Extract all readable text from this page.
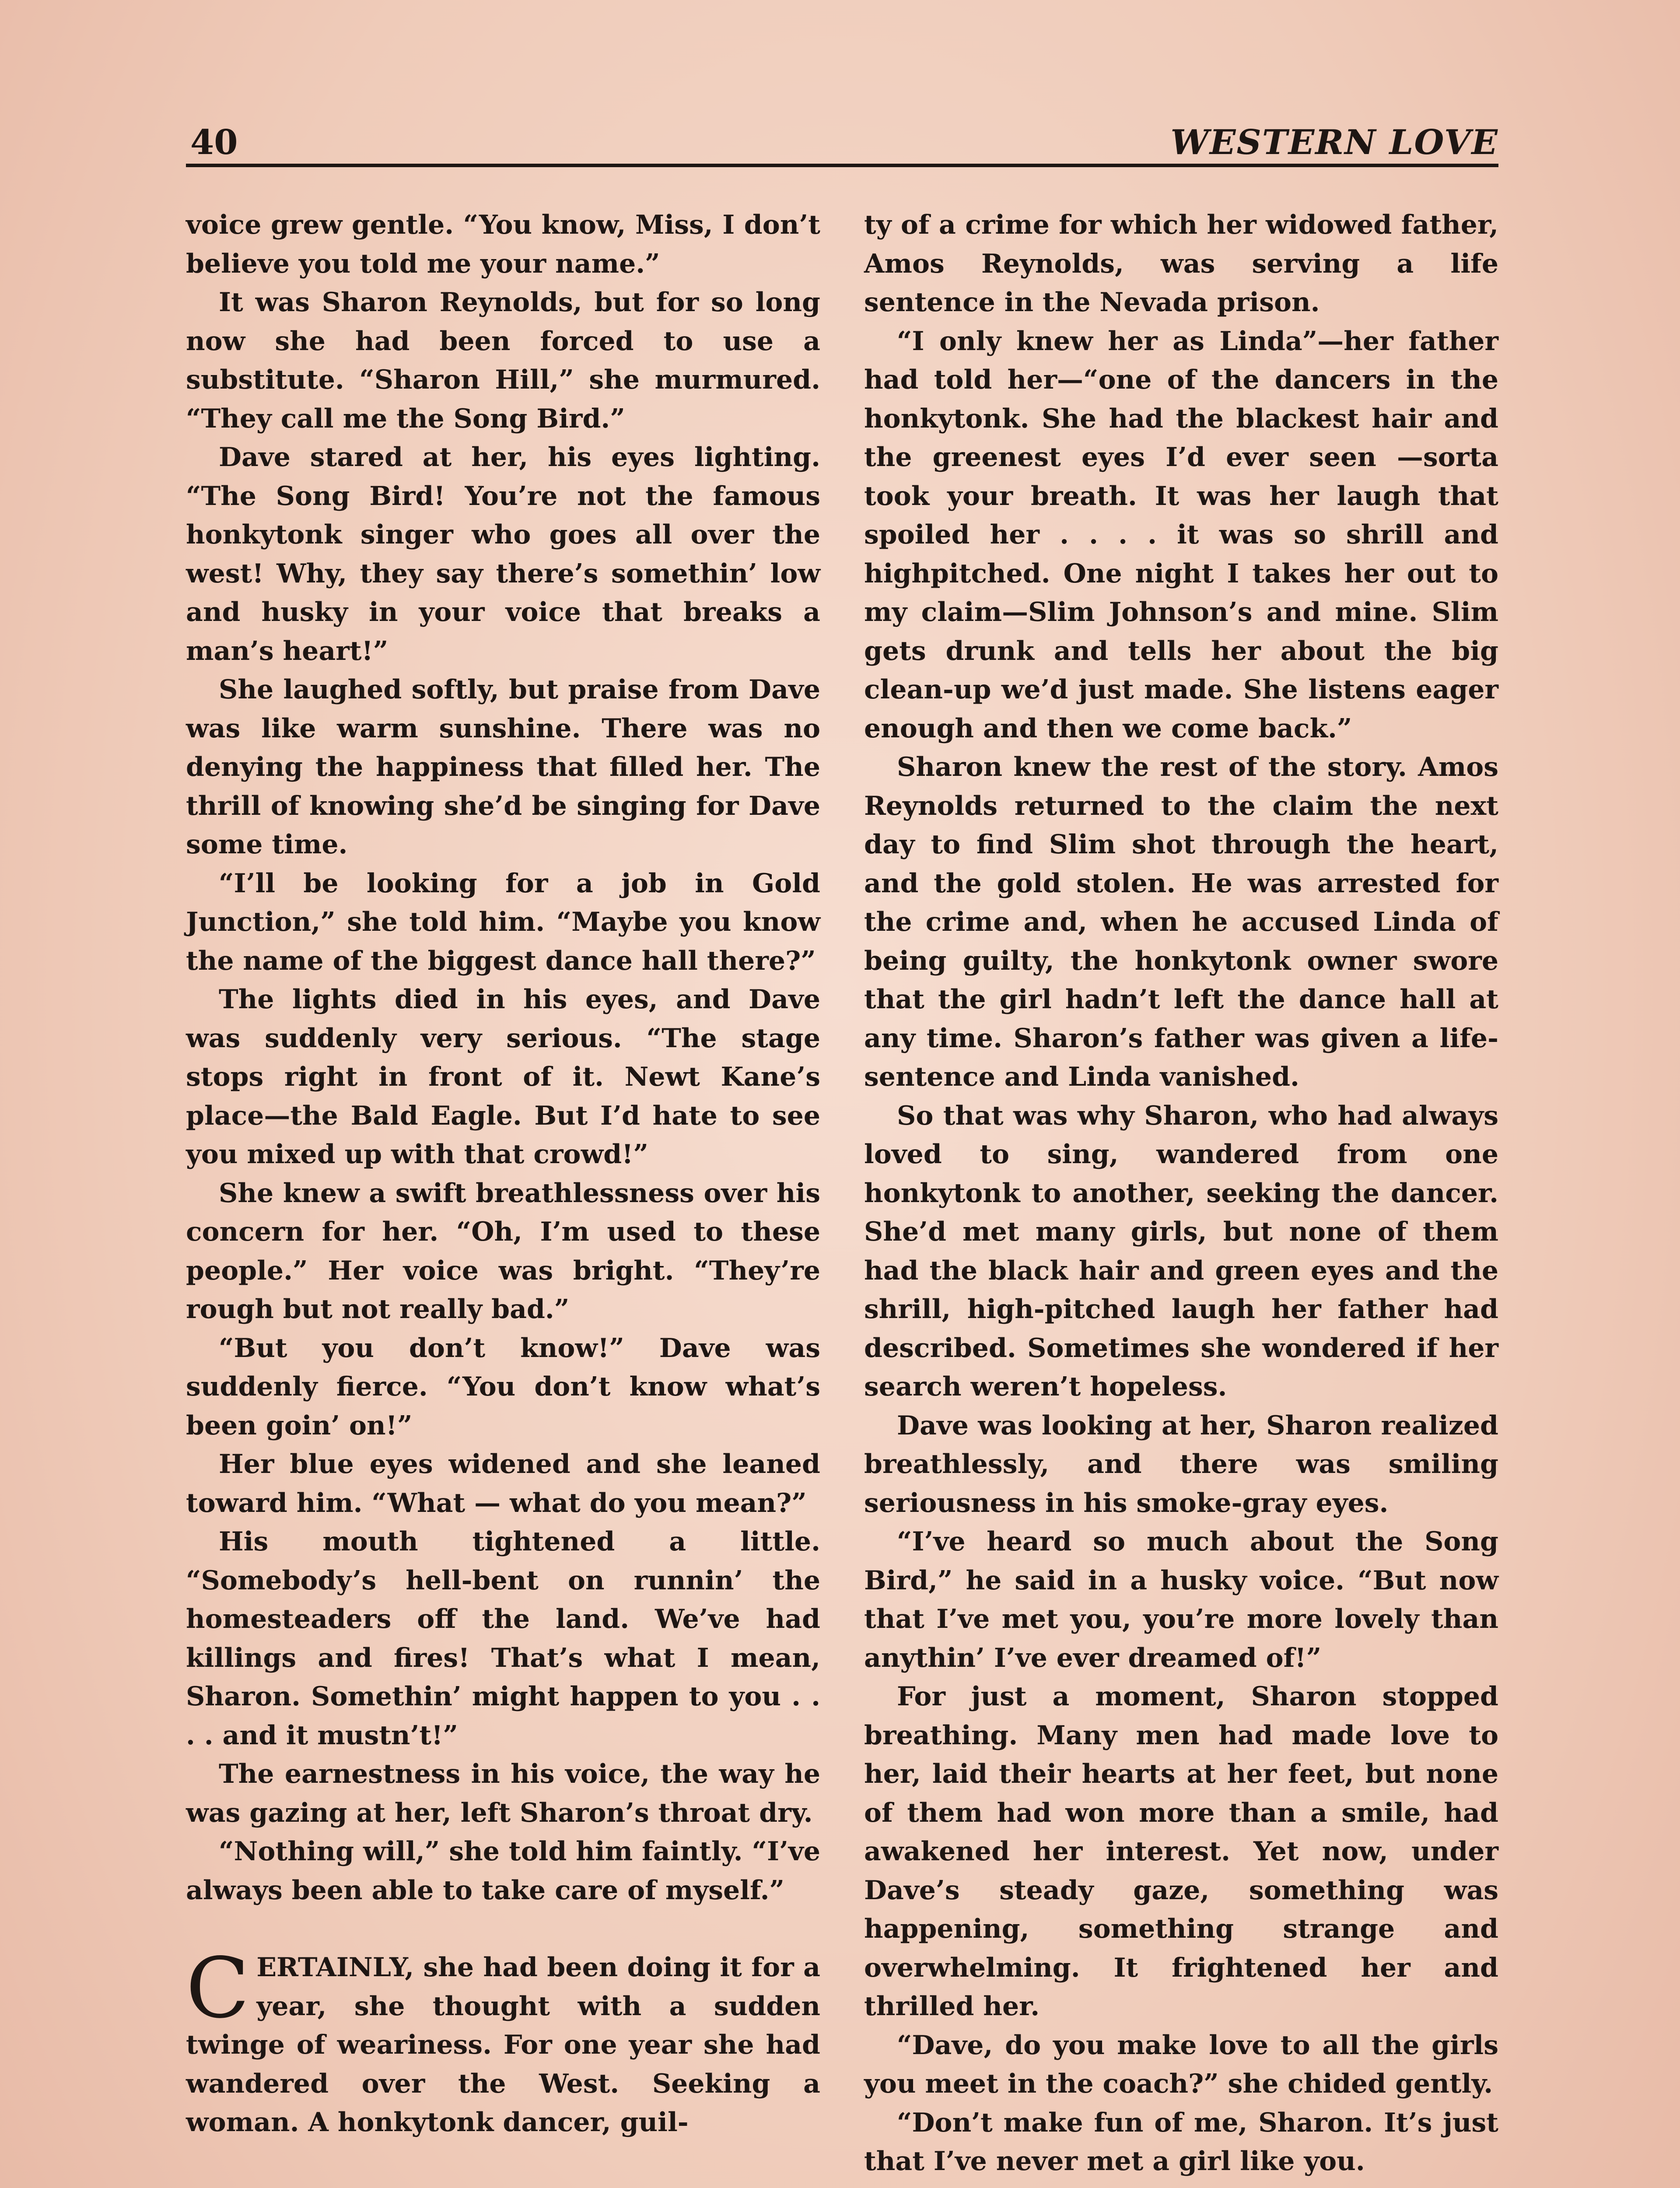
40	WESTERN LOVE

voice grew gentle. “You know, Miss, I don’t believe you told me your name.”

It was Sharon Reynolds, but for so long now she had been forced to use a substitute. “Sharon Hill,” she murmured. “They call me the Song Bird.”

Dave stared at her, his eyes lighting. “The Song Bird! You’re not the famous honkytonk singer who goes all over the west! Why, they say there’s somethin’ low and husky in your voice that breaks a man’s heart!”

She laughed softly, but praise from Dave was like warm sunshine. There was no denying the happiness that filled her. The thrill of knowing she’d be singing for Dave some time.

“I’ll be looking for a job in Gold Junction,” she told him. “Maybe you know the name of the biggest dance hall there?”

The lights died in his eyes, and Dave was suddenly very serious. “The stage stops right in front of it. Newt Kane’s place—the Bald Eagle. But I’d hate to see you mixed up with that crowd!”

She knew a swift breathlessness over his concern for her. “Oh, I’m used to these people.” Her voice was bright. “They’re rough but not really bad.”

“But you don’t know!” Dave was suddenly fierce. “You don’t know what’s been goin’ on!”

Her blue eyes widened and she leaned toward him. “What — what do you mean?”

His mouth tightened a little. “Somebody’s hell-bent on runnin’ the homesteaders off the land. We’ve had killings and fires! That’s what I mean, Sharon. Somethin’ might happen to you . . . . and it mustn’t!”

The earnestness in his voice, the way he was gazing at her, left Sharon’s throat dry.

“Nothing will,” she told him faintly. “I’ve always been able to take care of myself.”

CERTAINLY, she had been doing it for a year, she thought with a sudden twinge of weariness. For one year she had wandered over the West. Seeking a woman. A honkytonk dancer, guil-

ty of a crime for which her widowed father, Amos Reynolds, was serving a life sentence in the Nevada prison.

“I only knew her as Linda”—her father had told her—“one of the dancers in the honkytonk. She had the blackest hair and the greenest eyes I’d ever seen —sorta took your breath. It was her laugh that spoiled her . . . . it was so shrill and highpitched. One night I takes her out to my claim—Slim Johnson’s and mine. Slim gets drunk and tells her about the big clean-up we’d just made. She listens eager enough and then we come back.”

Sharon knew the rest of the story. Amos Reynolds returned to the claim the next day to find Slim shot through the heart, and the gold stolen. He was arrested for the crime and, when he accused Linda of being guilty, the honkytonk owner swore that the girl hadn’t left the dance hall at any time. Sharon’s father was given a life-sentence and Linda vanished.

So that was why Sharon, who had always loved to sing, wandered from one honkytonk to another, seeking the dancer. She’d met many girls, but none of them had the black hair and green eyes and the shrill, high-pitched laugh her father had described. Sometimes she wondered if her search weren’t hopeless.

Dave was looking at her, Sharon realized breathlessly, and there was smiling seriousness in his smoke-gray eyes.

“I’ve heard so much about the Song Bird,” he said in a husky voice. “But now that I’ve met you, you’re more lovely than anythin’ I’ve ever dreamed of!”

For just a moment, Sharon stopped breathing. Many men had made love to her, laid their hearts at her feet, but none of them had won more than a smile, had awakened her interest. Yet now, under Dave’s steady gaze, something was happening, something strange and overwhelming. It frightened her and thrilled her.

“Dave, do you make love to all the girls you meet in the coach?” she chided gently.

“Don’t make fun of me, Sharon. It’s just that I’ve never met a girl like you.
